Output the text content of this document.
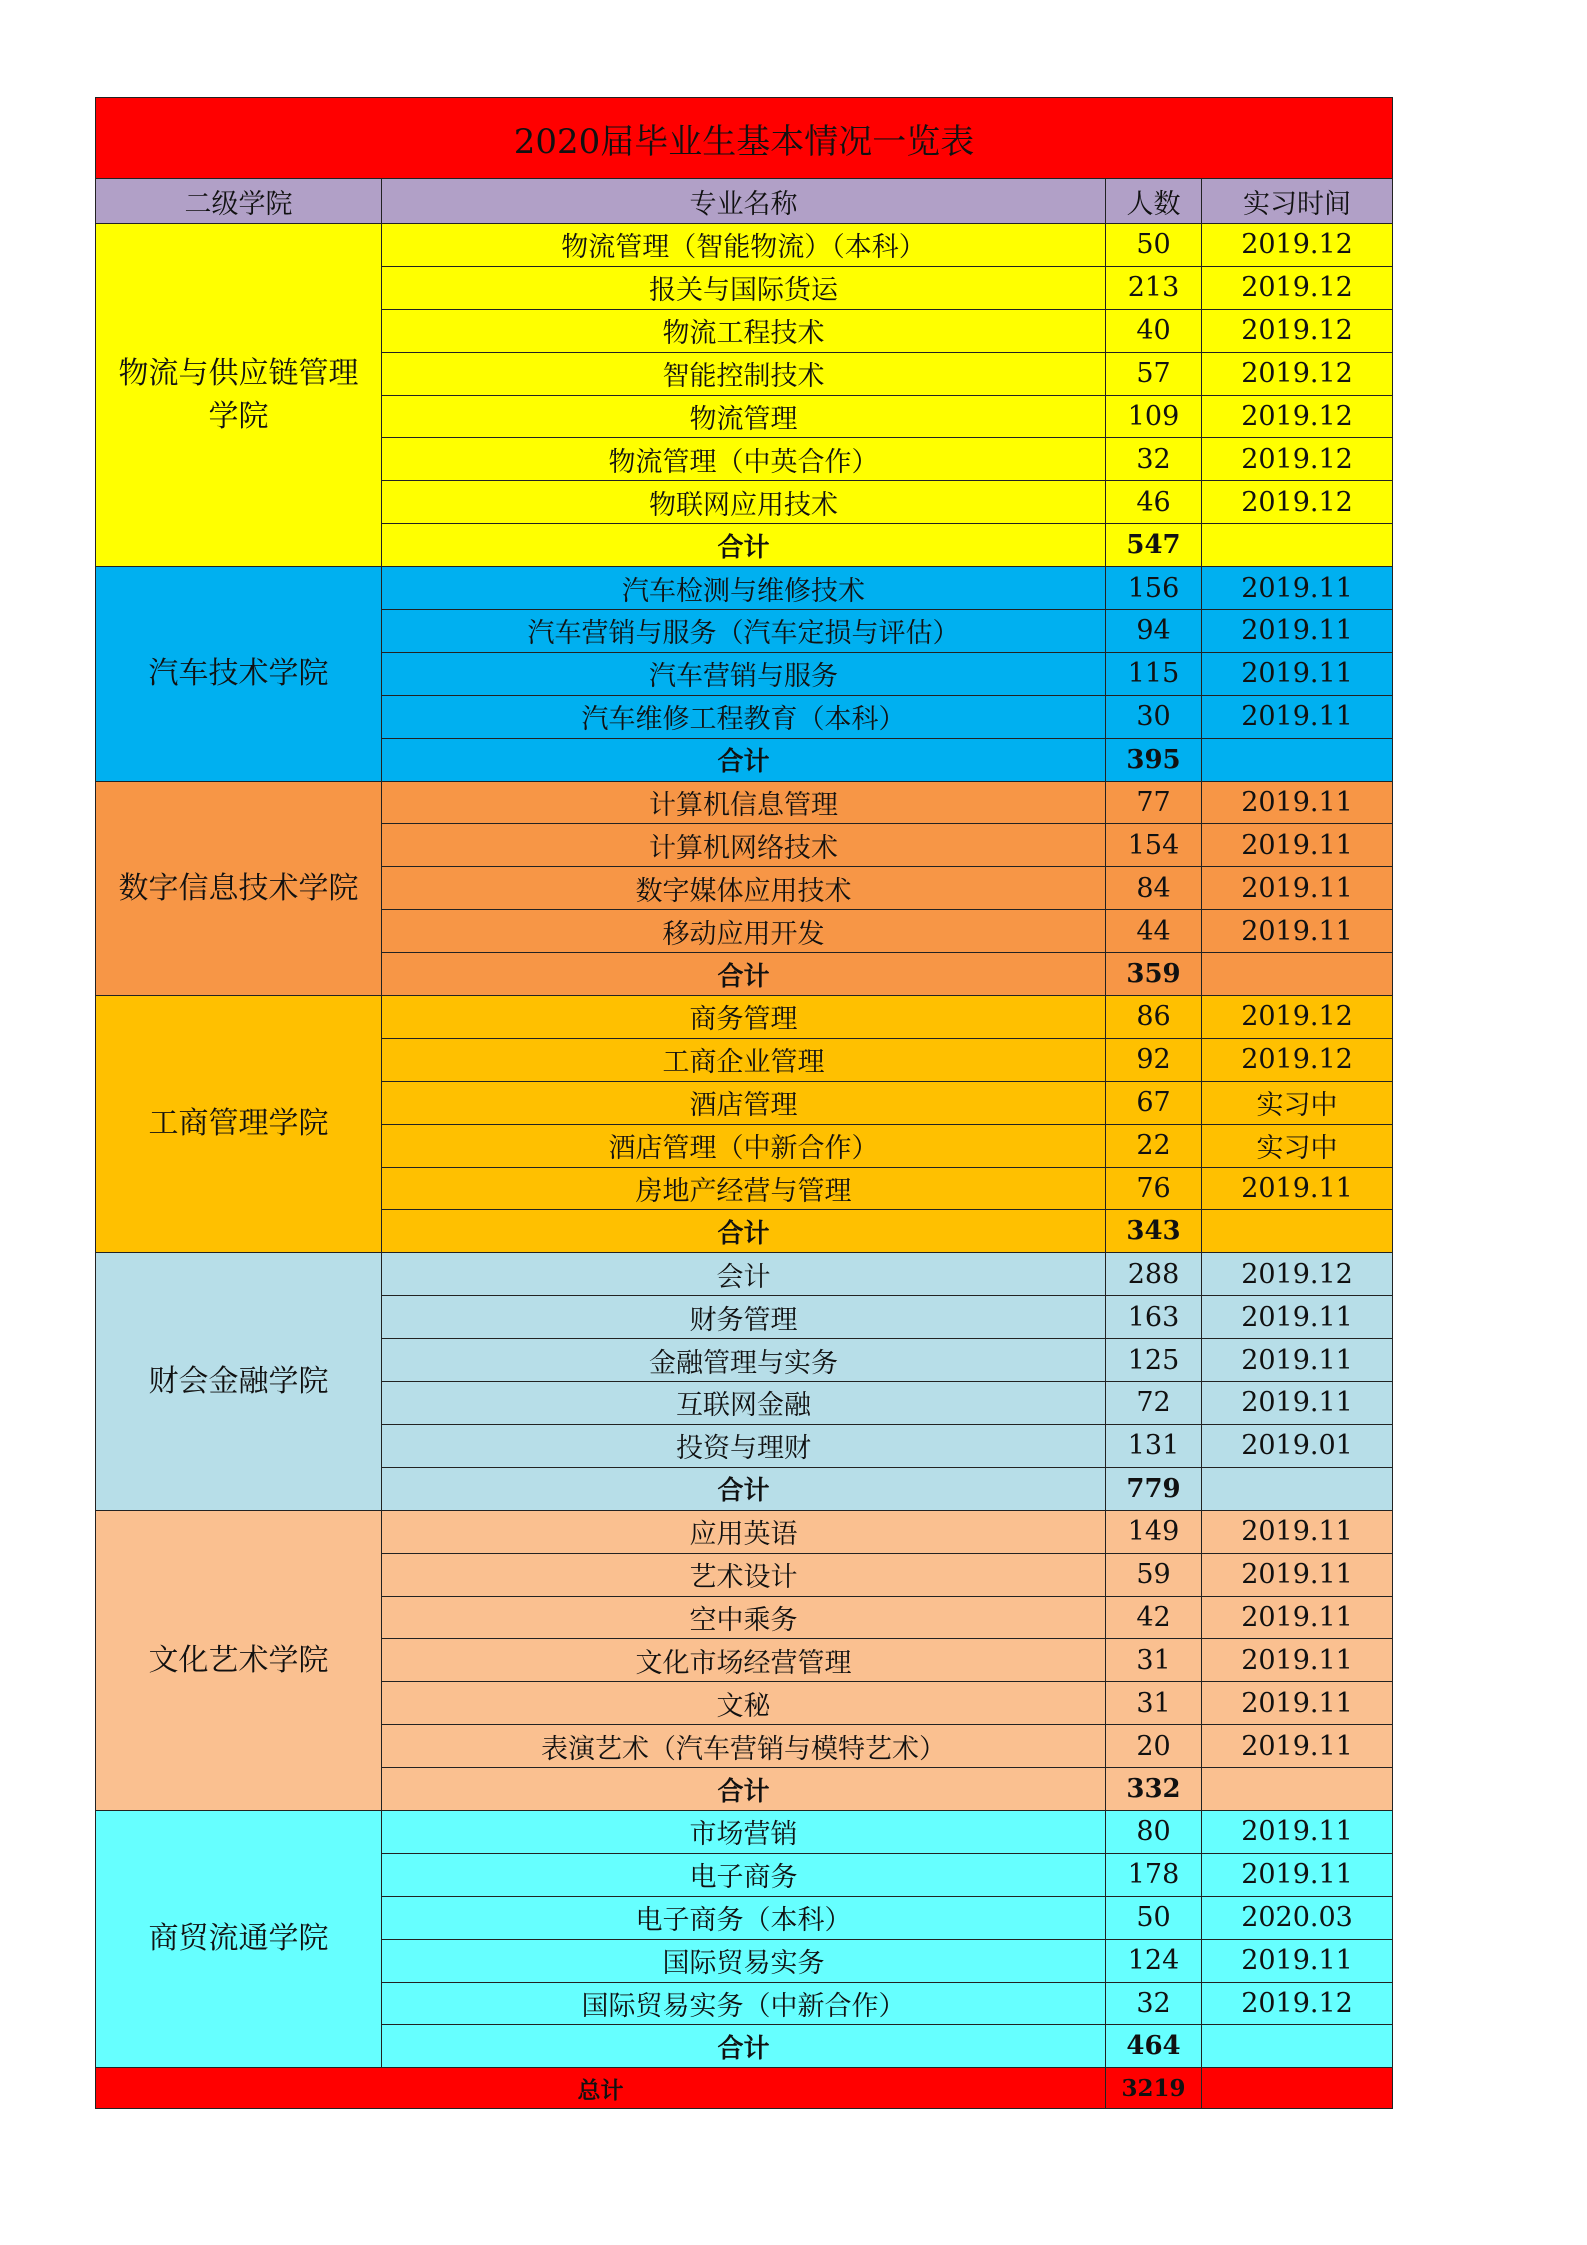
2020届毕业生基本情况一览表			
二级学院	专业名称	人数	实习时间
物流与供应链管理学院	物流管理（智能物流）（本科）	50	2019.12
	报关与国际货运	213	2019.12
	物流工程技术	40	2019.12
	智能控制技术	57	2019.12
	物流管理	109	2019.12
	物流管理（中英合作）	32	2019.12
	物联网应用技术	46	2019.12
	合计	547	
汽车技术学院	汽车检测与维修技术	156	2019.11
	汽车营销与服务（汽车定损与评估）	94	2019.11
	汽车营销与服务	115	2019.11
	汽车维修工程教育（本科）	30	2019.11
	合计	395	
数字信息技术学院	计算机信息管理	77	2019.11
	计算机网络技术	154	2019.11
	数字媒体应用技术	84	2019.11
	移动应用开发	44	2019.11
	合计	359	
工商管理学院	商务管理	86	2019.12
	工商企业管理	92	2019.12
	酒店管理	67	实习中
	酒店管理（中新合作）	22	实习中
	房地产经营与管理	76	2019.11
	合计	343	
财会金融学院	会计	288	2019.12
	财务管理	163	2019.11
	金融管理与实务	125	2019.11
	互联网金融	72	2019.11
	投资与理财	131	2019.01
	合计	779	
文化艺术学院	应用英语	149	2019.11
	艺术设计	59	2019.11
	空中乘务	42	2019.11
	文化市场经营管理	31	2019.11
	文秘	31	2019.11
	表演艺术（汽车营销与模特艺术）	20	2019.11
	合计	332	
商贸流通学院	市场营销	80	2019.11
	电子商务	178	2019.11
	电子商务（本科）	50	2020.03
	国际贸易实务	124	2019.11
	国际贸易实务（中新合作）	32	2019.12
	合计	464	
总计		3219	
